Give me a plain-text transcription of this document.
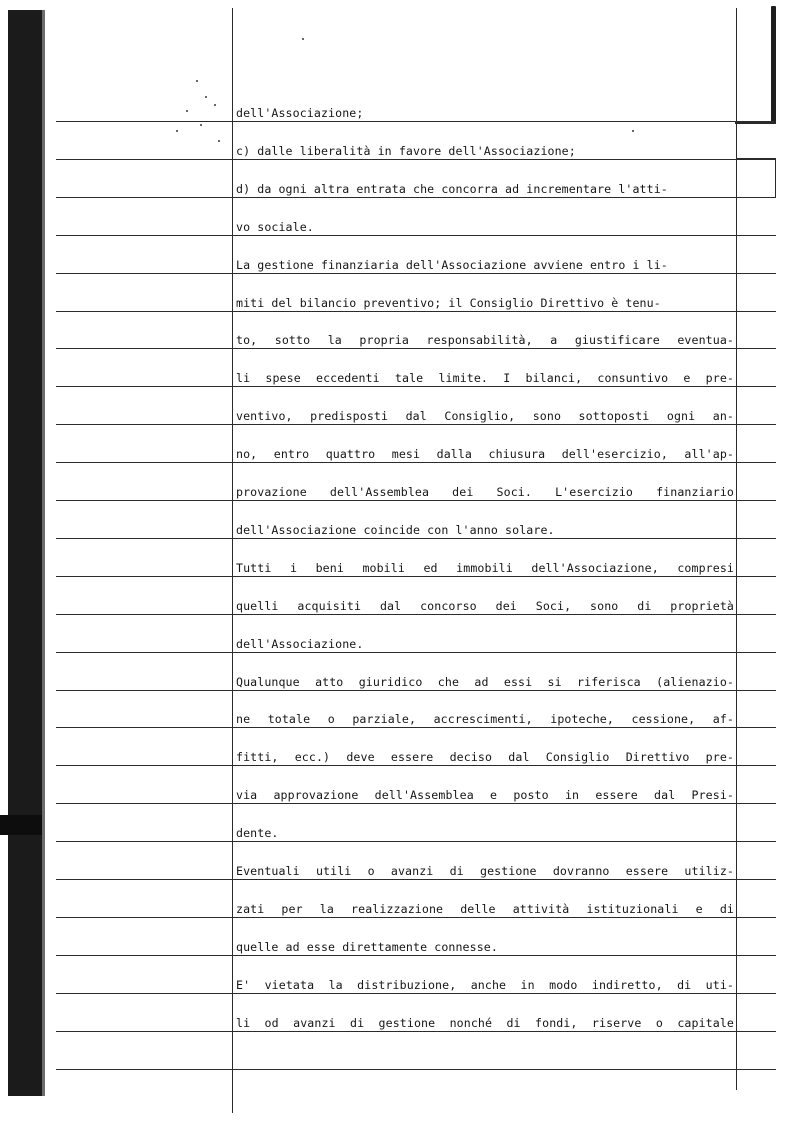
dell'Associazione;
c) dalle liberalità in favore dell'Associazione;
d) da ogni altra entrata che concorra ad incrementare l'atti-
vo sociale.
La gestione finanziaria dell'Associazione avviene entro i li-
miti del bilancio preventivo; il Consiglio Direttivo è tenu-
to, sotto la propria responsabilità, a giustificare eventua-
li spese eccedenti tale limite. I bilanci, consuntivo e pre-
ventivo, predisposti dal Consiglio, sono sottoposti ogni an-
no, entro quattro mesi dalla chiusura dell'esercizio, all'ap-
provazione dell'Assemblea dei Soci. L'esercizio finanziario
dell'Associazione coincide con l'anno solare.
Tutti i beni mobili ed immobili dell'Associazione, compresi
quelli acquisiti dal concorso dei Soci, sono di proprietà
dell'Associazione.
Qualunque atto giuridico che ad essi si riferisca (alienazio-
ne totale o parziale, accrescimenti, ipoteche, cessione, af-
fitti, ecc.) deve essere deciso dal Consiglio Direttivo pre-
via approvazione dell'Assemblea e posto in essere dal Presi-
dente.
Eventuali utili o avanzi di gestione dovranno essere utiliz-
zati per la realizzazione delle attività istituzionali e di
quelle ad esse direttamente connesse.
E' vietata la distribuzione, anche in modo indiretto, di uti-
li od avanzi di gestione nonché di fondi, riserve o capitale
